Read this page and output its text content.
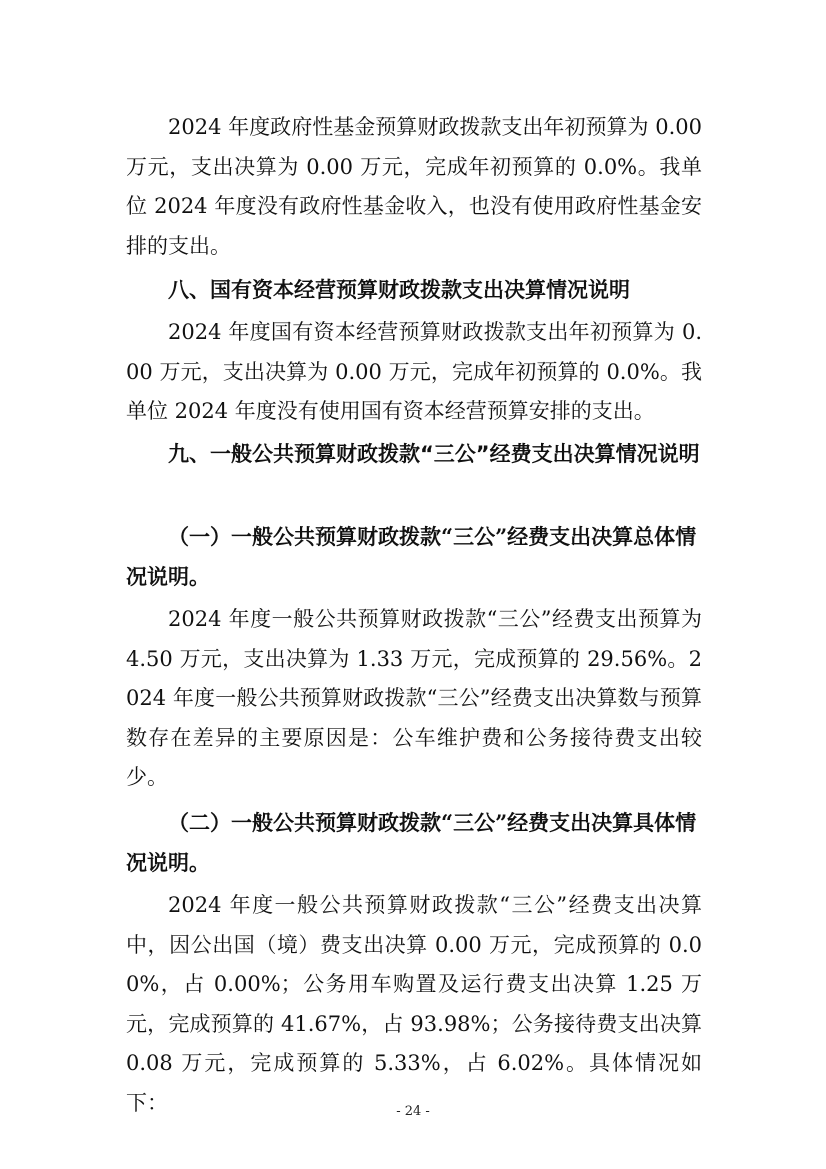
2024 年度政府性基金预算财政拨款支出年初预算为 0.00 万元，支出决算为 0.00 万元，完成年初预算的 0.0%。我单位 2024 年度没有政府性基金收入，也没有使用政府性基金安排的支出。

八、国有资本经营预算财政拨款支出决算情况说明

2024 年度国有资本经营预算财政拨款支出年初预算为 0.00 万元，支出决算为 0.00 万元，完成年初预算的 0.0%。我单位 2024 年度没有使用国有资本经营预算安排的支出。

九、一般公共预算财政拨款“三公”经费支出决算情况说明

（一）一般公共预算财政拨款“三公”经费支出决算总体情况说明。

2024 年度一般公共预算财政拨款“三公”经费支出预算为 4.50 万元，支出决算为 1.33 万元，完成预算的 29.56%。2024 年度一般公共预算财政拨款“三公”经费支出决算数与预算数存在差异的主要原因是：公车维护费和公务接待费支出较少。

（二）一般公共预算财政拨款“三公”经费支出决算具体情况说明。

2024 年度一般公共预算财政拨款“三公”经费支出决算中，因公出国（境）费支出决算 0.00 万元，完成预算的 0.00%，占 0.00%；公务用车购置及运行费支出决算 1.25 万元，完成预算的 41.67%，占 93.98%；公务接待费支出决算 0.08 万元，完成预算的 5.33%，占 6.02%。具体情况如下：	- 24 -
